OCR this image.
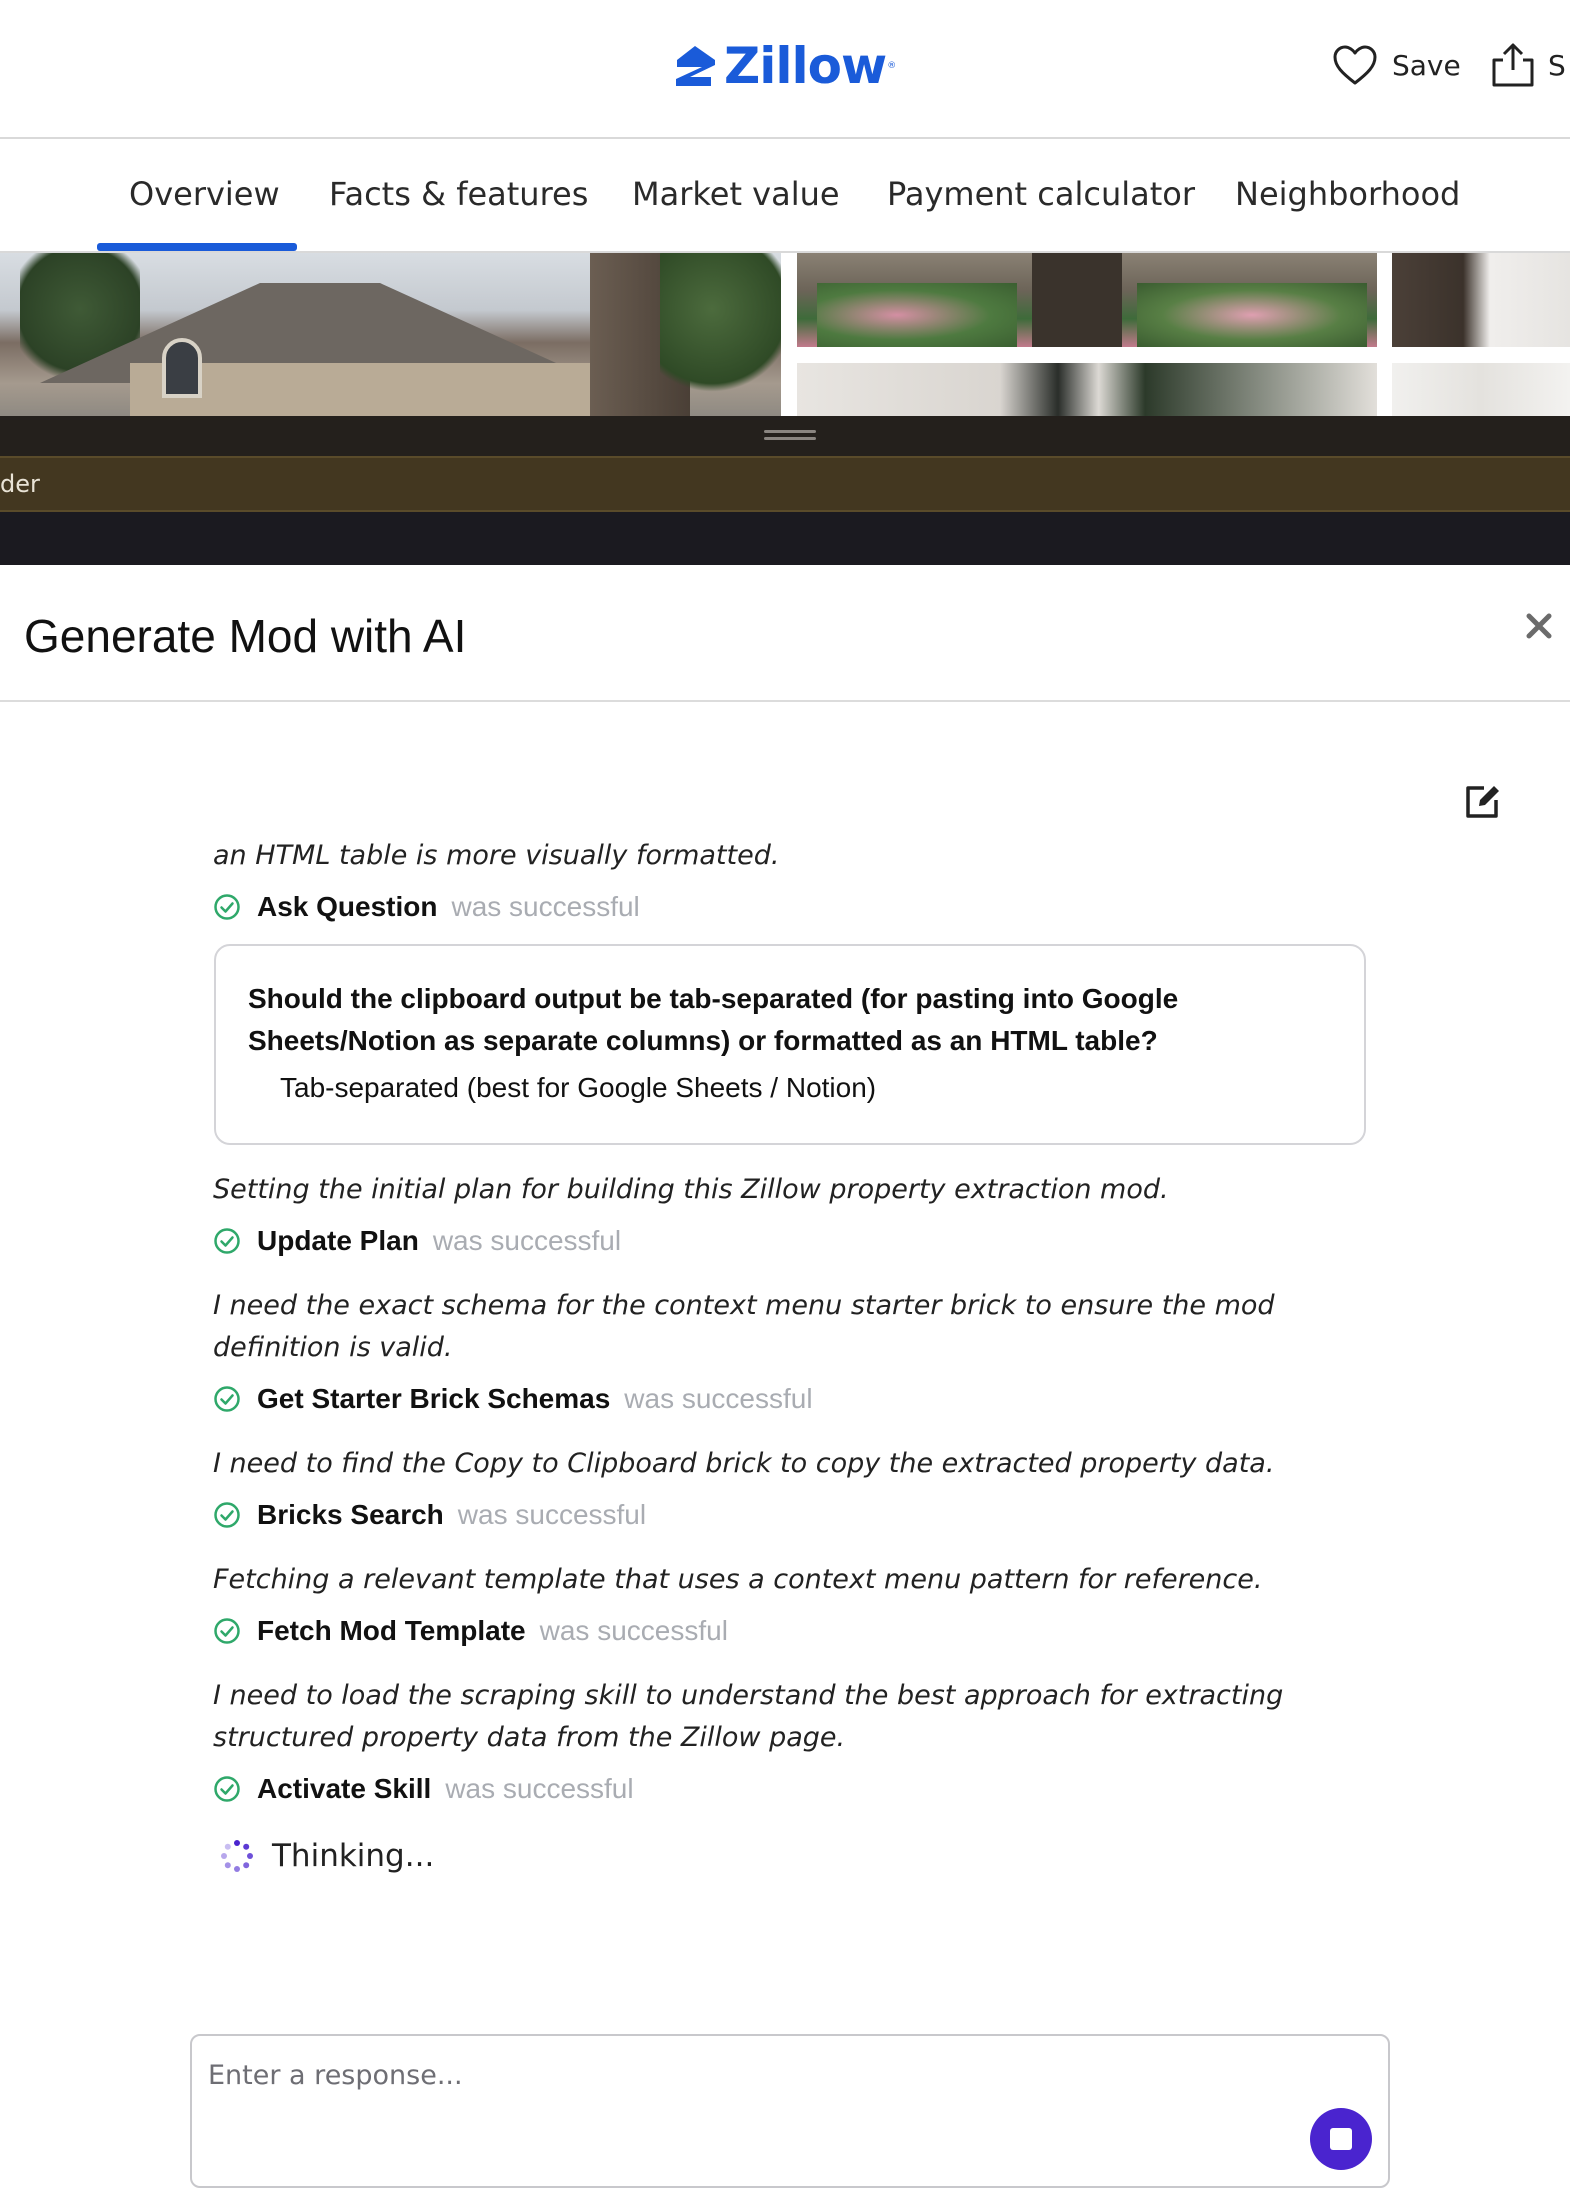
Zillow ®	Save	S
Overview Facts & features Market value Payment calculator Neighborhood
der
Generate Mod with AI
an HTML table is more visually formatted.
Ask Question was successful
Should the clipboard output be tab-separated (for pasting into Google Sheets/Notion as separate columns) or formatted as an HTML table?
Tab-separated (best for Google Sheets / Notion)
Setting the initial plan for building this Zillow property extraction mod.
Update Plan was successful
I need the exact schema for the context menu starter brick to ensure the mod definition is valid.
Get Starter Brick Schemas was successful
I need to find the Copy to Clipboard brick to copy the extracted property data.
Bricks Search was successful
Fetching a relevant template that uses a context menu pattern for reference.
Fetch Mod Template was successful
I need to load the scraping skill to understand the best approach for extracting structured property data from the Zillow page.
Activate Skill was successful
Thinking...
Enter a response...
